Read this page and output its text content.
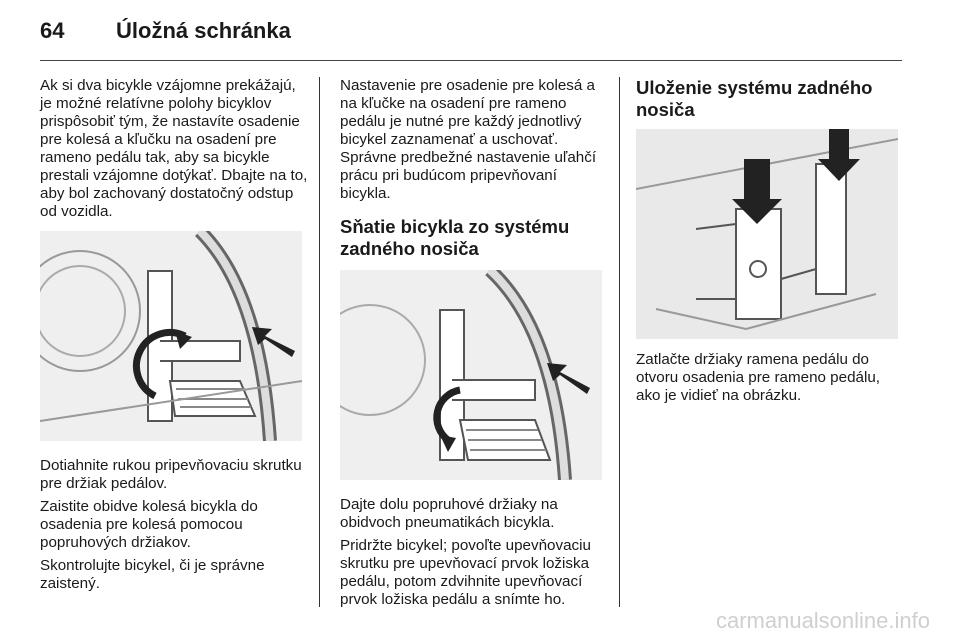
64	Úložná schránka

Ak si dva bicykle vzájomne prekážajú, je možné relatívne polohy bicyklov prispôsobiť tým, že nastavíte osadenie pre kolesá a kľučku na osadení pre rameno pedálu tak, aby sa bicykle prestali vzájomne dotýkať. Dbajte na to, aby bol zachovaný dostatočný odstup od vozidla.

Dotiahnite rukou pripevňovaciu skrutku pre držiak pedálov.

Zaistite obidve kolesá bicykla do osadenia pre kolesá pomocou popruhových držiakov.

Skontrolujte bicykel, či je správne zaistený.

Nastavenie pre osadenie pre kolesá a na kľučke na osadení pre rameno pedálu je nutné pre každý jednotlivý bicykel zaznamenať a uschovať. Správne predbežné nastavenie uľahčí prácu pri budúcom pripevňovaní bicykla.

Sňatie bicykla zo systému zadného nosiča

Dajte dolu popruhové držiaky na obidvoch pneumatikách bicykla.

Pridržte bicykel; povoľte upevňovaciu skrutku pre upevňovací prvok ložiska pedálu, potom zdvihnite upevňovací prvok ložiska pedálu a snímte ho.

Uloženie systému zadného nosiča

Zatlačte držiaky ramena pedálu do otvoru osadenia pre rameno pedálu, ako je vidieť na obrázku.

carmanualsonline.info
